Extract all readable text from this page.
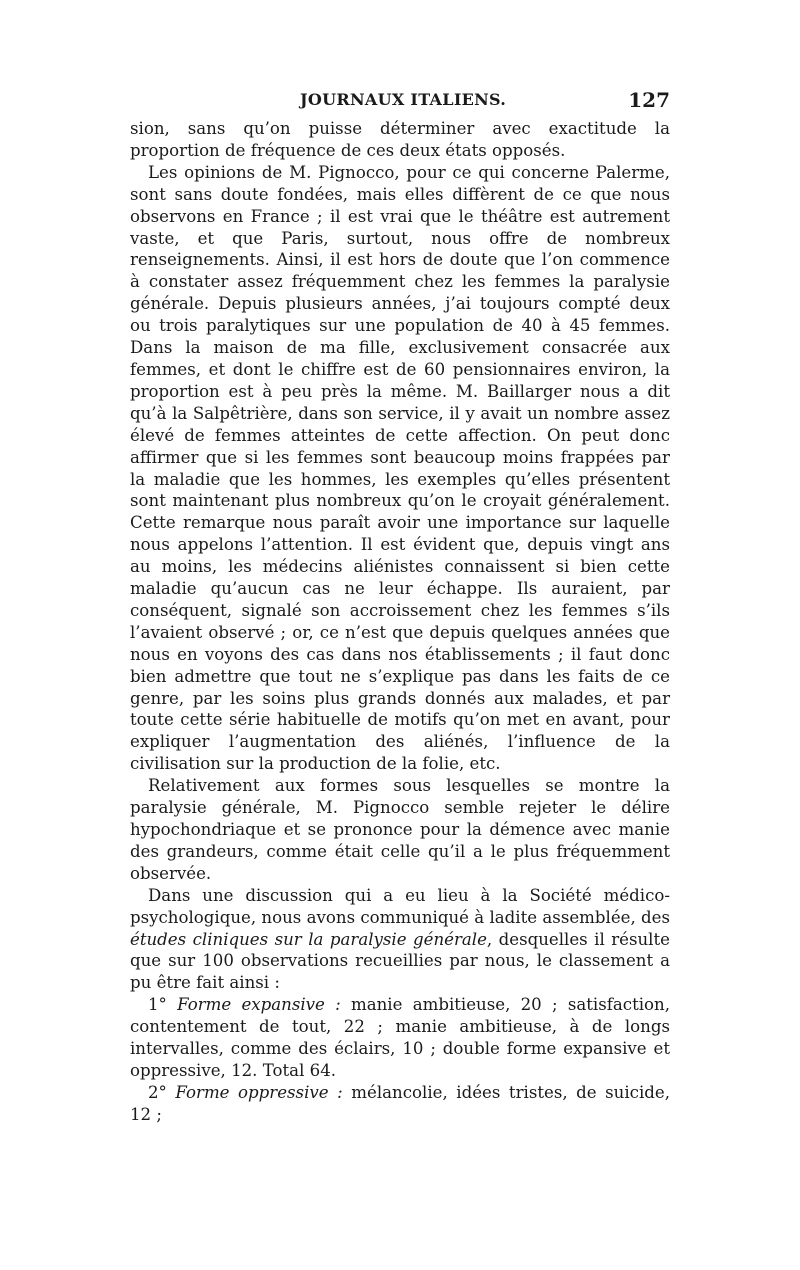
JOURNAUX ITALIENS.	127

sion, sans qu’on puisse déterminer avec exactitude la proportion de fréquence de ces deux états opposés.

Les opinions de M. Pignocco, pour ce qui concerne Palerme, sont sans doute fondées, mais elles diffèrent de ce que nous observons en France ; il est vrai que le théâtre est autrement vaste, et que Paris, surtout, nous offre de nombreux renseignements. Ainsi, il est hors de doute que l’on commence à constater assez fréquemment chez les femmes la paralysie générale. Depuis plusieurs années, j’ai toujours compté deux ou trois paralytiques sur une population de 40 à 45 femmes. Dans la maison de ma fille, exclusivement consacrée aux femmes, et dont le chiffre est de 60 pensionnaires environ, la proportion est à peu près la même. M. Baillarger nous a dit qu’à la Salpêtrière, dans son service, il y avait un nombre assez élevé de femmes atteintes de cette affection. On peut donc affirmer que si les femmes sont beaucoup moins frappées par la maladie que les hommes, les exemples qu’elles présentent sont maintenant plus nombreux qu’on le croyait généralement. Cette remarque nous paraît avoir une importance sur laquelle nous appelons l’attention. Il est évident que, depuis vingt ans au moins, les médecins aliénistes connaissent si bien cette maladie qu’aucun cas ne leur échappe. Ils auraient, par conséquent, signalé son accroissement chez les femmes s’ils l’avaient observé ; or, ce n’est que depuis quelques années que nous en voyons des cas dans nos établissements ; il faut donc bien admettre que tout ne s’explique pas dans les faits de ce genre, par les soins plus grands donnés aux malades, et par toute cette série habituelle de motifs qu’on met en avant, pour expliquer l’augmentation des aliénés, l’influence de la civilisation sur la production de la folie, etc.

Relativement aux formes sous lesquelles se montre la paralysie générale, M. Pignocco semble rejeter le délire hypochondriaque et se prononce pour la démence avec manie des grandeurs, comme était celle qu’il a le plus fréquemment observée.

Dans une discussion qui a eu lieu à la Société médico-psychologique, nous avons communiqué à ladite assemblée, des études cliniques sur la paralysie générale, desquelles il résulte que sur 100 observations recueillies par nous, le classement a pu être fait ainsi :

1° Forme expansive : manie ambitieuse, 20 ; satisfaction, contentement de tout, 22 ; manie ambitieuse, à de longs intervalles, comme des éclairs, 10 ; double forme expansive et oppressive, 12. Total 64.

2° Forme oppressive : mélancolie, idées tristes, de suicide, 12 ;
